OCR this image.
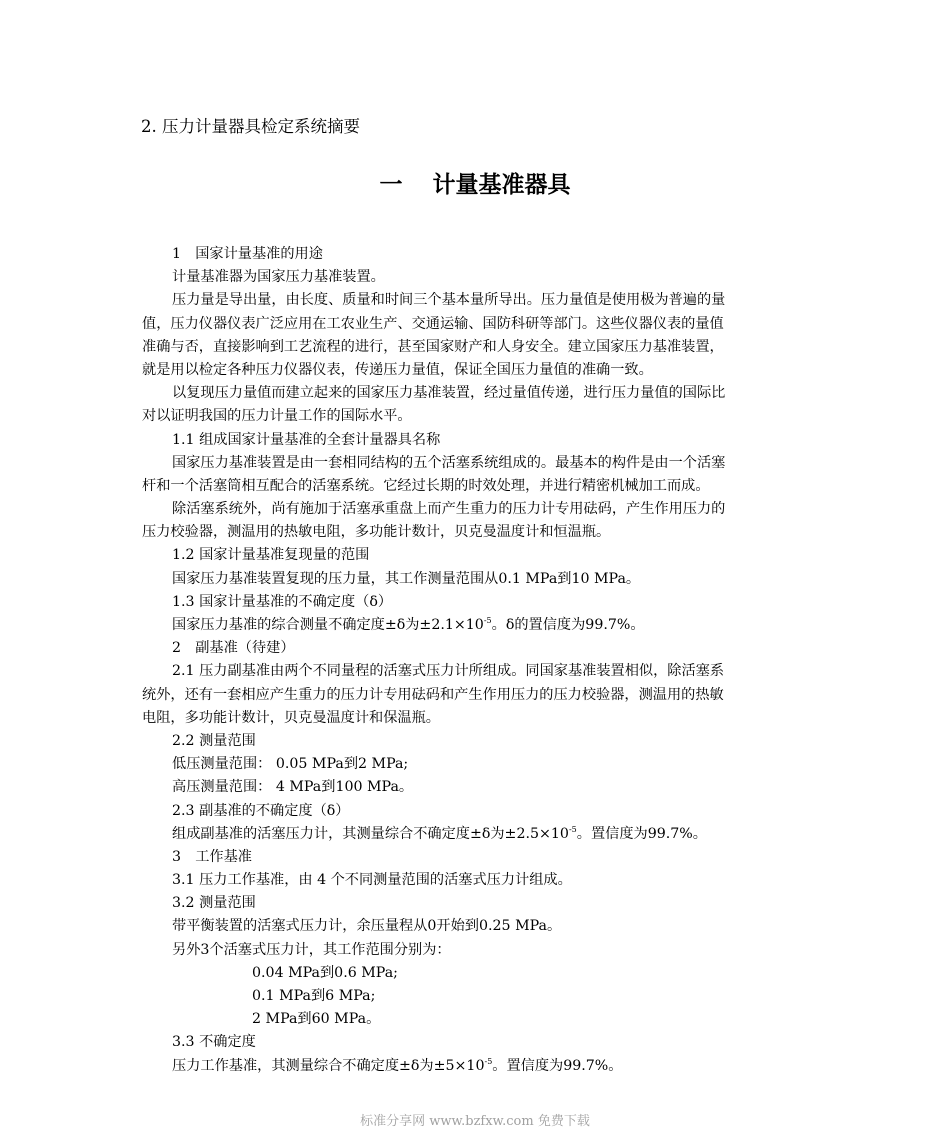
2. 压力计量器具检定系统摘要
一 计量基准器具
1　国家计量基准的用途
计量基准器为国家压力基准装置。
压力量是导出量，由长度、质量和时间三个基本量所导出。压力量值是使用极为普遍的量
值，压力仪器仪表广泛应用在工农业生产、交通运输、国防科研等部门。这些仪器仪表的量值
准确与否，直接影响到工艺流程的进行，甚至国家财产和人身安全。建立国家压力基准装置，
就是用以检定各种压力仪器仪表，传递压力量值，保证全国压力量值的准确一致。
以复现压力量值而建立起来的国家压力基准装置，经过量值传递，进行压力量值的国际比
对以证明我国的压力计量工作的国际水平。
1.1 组成国家计量基准的全套计量器具名称
国家压力基准装置是由一套相同结构的五个活塞系统组成的。最基本的构件是由一个活塞
杆和一个活塞筒相互配合的活塞系统。它经过长期的时效处理，并进行精密机械加工而成。
除活塞系统外，尚有施加于活塞承重盘上而产生重力的压力计专用砝码，产生作用压力的
压力校验器，测温用的热敏电阻，多功能计数计，贝克曼温度计和恒温瓶。
1.2 国家计量基准复现量的范围
国家压力基准装置复现的压力量，其工作测量范围从0.1 MPa到10 MPa。
1.3 国家计量基准的不确定度（δ）
国家压力基准的综合测量不确定度±δ为$\pm 2.1\times 10^{-5}$。δ的置信度为99.7%。
2　副基准（待建）
2.1 压力副基准由两个不同量程的活塞式压力计所组成。同国家基准装置相似，除活塞系
统外，还有一套相应产生重力的压力计专用砝码和产生作用压力的压力校验器，测温用的热敏
电阻，多功能计数计，贝克曼温度计和保温瓶。
2.2 测量范围
低压测量范围： 0.05 MPa到2 MPa;
高压测量范围： 4 MPa到100 MPa。
2.3 副基准的不确定度（δ）
组成副基准的活塞压力计，其测量综合不确定度±δ为$\pm 2.5\times 10^{-5}$。置信度为99.7%。
3　工作基准
3.1 压力工作基准，由 4 个不同测量范围的活塞式压力计组成。
3.2 测量范围
带平衡装置的活塞式压力计，余压量程从0开始到0.25 MPa。
另外3个活塞式压力计，其工作范围分别为：
0.04 MPa到0.6 MPa;
0.1 MPa到6 MPa;
2 MPa到60 MPa。
3.3 不确定度
压力工作基准，其测量综合不确定度±δ为$\pm 5\times 10^{-5}$。置信度为99.7%。
标准分享网 www.bzfxw.com 免费下载
